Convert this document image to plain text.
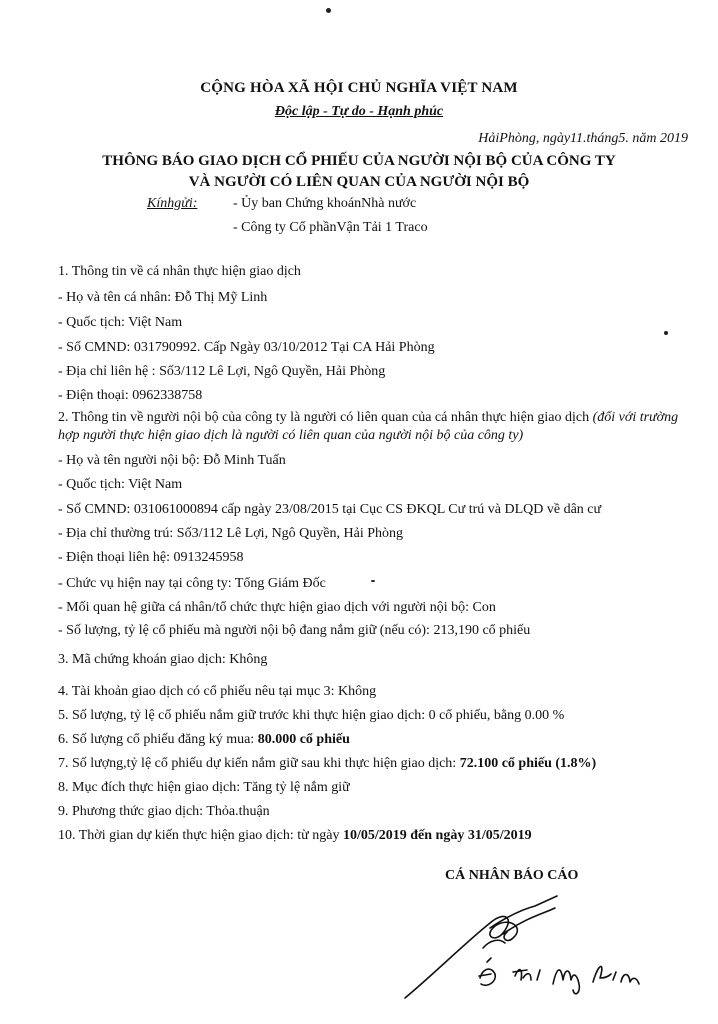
CỘNG HÒA XÃ HỘI CHỦ NGHĨA VIỆT NAM
Độc lập - Tự do - Hạnh phúc
HảiPhòng, ngày11.tháng5. năm 2019
THÔNG BÁO GIAO DỊCH CỔ PHIẾU CỦA NGƯỜI NỘI BỘ CỦA CÔNG TY
VÀ NGƯỜI CÓ LIÊN QUAN CỦA NGƯỜI NỘI BỘ
Kínhgửi:	- Ủy ban Chứng khoánNhà nước
- Công ty Cổ phầnVận Tải 1 Traco
1. Thông tin về cá nhân thực hiện giao dịch
- Họ và tên cá nhân: Đỗ Thị Mỹ Linh
- Quốc tịch: Việt Nam
- Số CMND: 031790992. Cấp Ngày 03/10/2012 Tại CA Hải Phòng
- Địa chỉ liên hệ : Số3/112 Lê Lợi, Ngô Quyền, Hải Phòng
- Điện thoại: 0962338758
2. Thông tin về người nội bộ của công ty là người có liên quan của cá nhân thực hiện giao dịch (đối với trường hợp người thực hiện giao dịch là người có liên quan của người nội bộ của công ty)
- Họ và tên người nội bộ: Đỗ Minh Tuấn
- Quốc tịch: Việt Nam
- Số CMND: 031061000894 cấp ngày 23/08/2015 tại Cục CS ĐKQL Cư trú và DLQD về dân cư
- Địa chỉ thường trú: Số3/112 Lê Lợi, Ngô Quyền, Hải Phòng
- Điện thoại liên hệ: 0913245958
- Chức vụ hiện nay tại công ty: Tổng Giám Đốc
- Mối quan hệ giữa cá nhân/tổ chức thực hiện giao dịch với người nội bộ: Con
- Số lượng, tỷ lệ cổ phiếu mà người nội bộ đang nắm giữ (nếu có): 213,190 cổ phiếu
3. Mã chứng khoán giao dịch: Không
4. Tài khoản giao dịch có cổ phiếu nêu tại mục 3: Không
5. Số lượng, tỷ lệ cổ phiếu nắm giữ trước khi thực hiện giao dịch: 0 cổ phiếu, bằng 0.00 %
6. Số lượng cổ phiếu đăng ký mua: 80.000 cổ phiếu
7. Số lượng,tỷ lệ cổ phiếu dự kiến nắm giữ sau khi thực hiện giao dịch: 72.100 cổ phiếu (1.8%)
8. Mục đích thực hiện giao dịch: Tăng tỷ lệ nắm giữ
9. Phương thức giao dịch: Thỏa.thuận
10. Thời gian dự kiến thực hiện giao dịch: từ ngày 10/05/2019 đến ngày 31/05/2019
CÁ NHÂN BÁO CÁO
